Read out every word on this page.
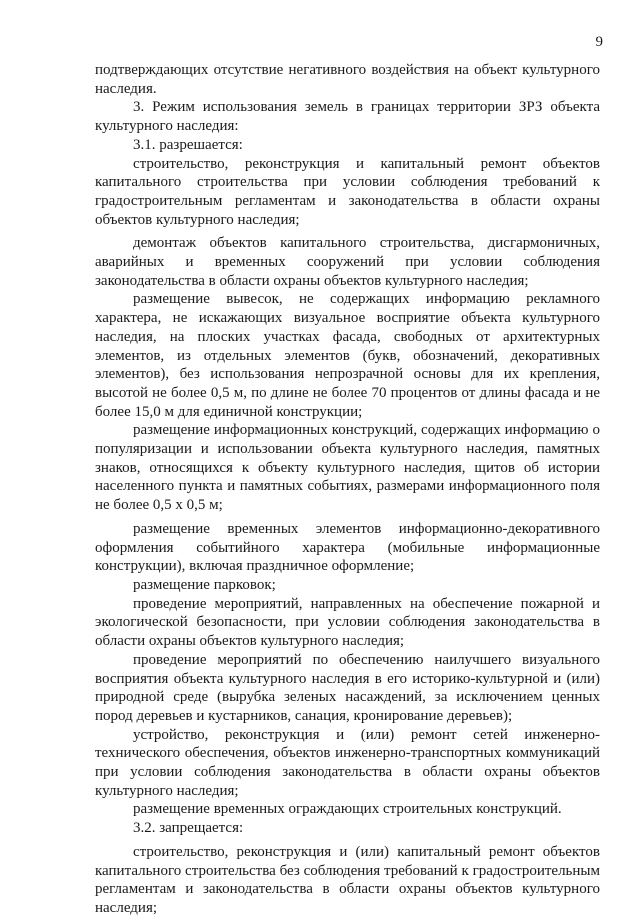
9

подтверждающих отсутствие негативного воздействия на объект культурного наследия.

3. Режим использования земель в границах территории ЗРЗ объекта культурного наследия:

3.1. разрешается:

строительство, реконструкция и капитальный ремонт объектов капитального строительства при условии соблюдения требований к градостроительным регламентам и законодательства в области охраны объектов культурного наследия;

демонтаж объектов капитального строительства, дисгармоничных, аварийных и временных сооружений при условии соблюдения законодательства в области охраны объектов культурного наследия;

размещение вывесок, не содержащих информацию рекламного характера, не искажающих визуальное восприятие объекта культурного наследия, на плоских участках фасада, свободных от архитектурных элементов, из отдельных элементов (букв, обозначений, декоративных элементов), без использования непрозрачной основы для их крепления, высотой не более 0,5 м, по длине не более 70 процентов от длины фасада и не более 15,0 м для единичной конструкции;

размещение информационных конструкций, содержащих информацию о популяризации и использовании объекта культурного наследия, памятных знаков, относящихся к объекту культурного наследия, щитов об истории населенного пункта и памятных событиях, размерами информационного поля не более 0,5 х 0,5 м;

размещение временных элементов информационно-декоративного оформления событийного характера (мобильные информационные конструкции), включая праздничное оформление;

размещение парковок;

проведение мероприятий, направленных на обеспечение пожарной и экологической безопасности, при условии соблюдения законодательства в области охраны объектов культурного наследия;

проведение мероприятий по обеспечению наилучшего визуального восприятия объекта культурного наследия в его историко-культурной и (или) природной среде (вырубка зеленых насаждений, за исключением ценных пород деревьев и кустарников, санация, кронирование деревьев);

устройство, реконструкция и (или) ремонт сетей инженерно-технического обеспечения, объектов инженерно-транспортных коммуникаций при условии соблюдения законодательства в области охраны объектов культурного наследия;

размещение временных ограждающих строительных конструкций.

3.2. запрещается:

строительство, реконструкция и (или) капитальный ремонт объектов капитального строительства без соблюдения требований к градостроительным регламентам и законодательства в области охраны объектов культурного наследия;
